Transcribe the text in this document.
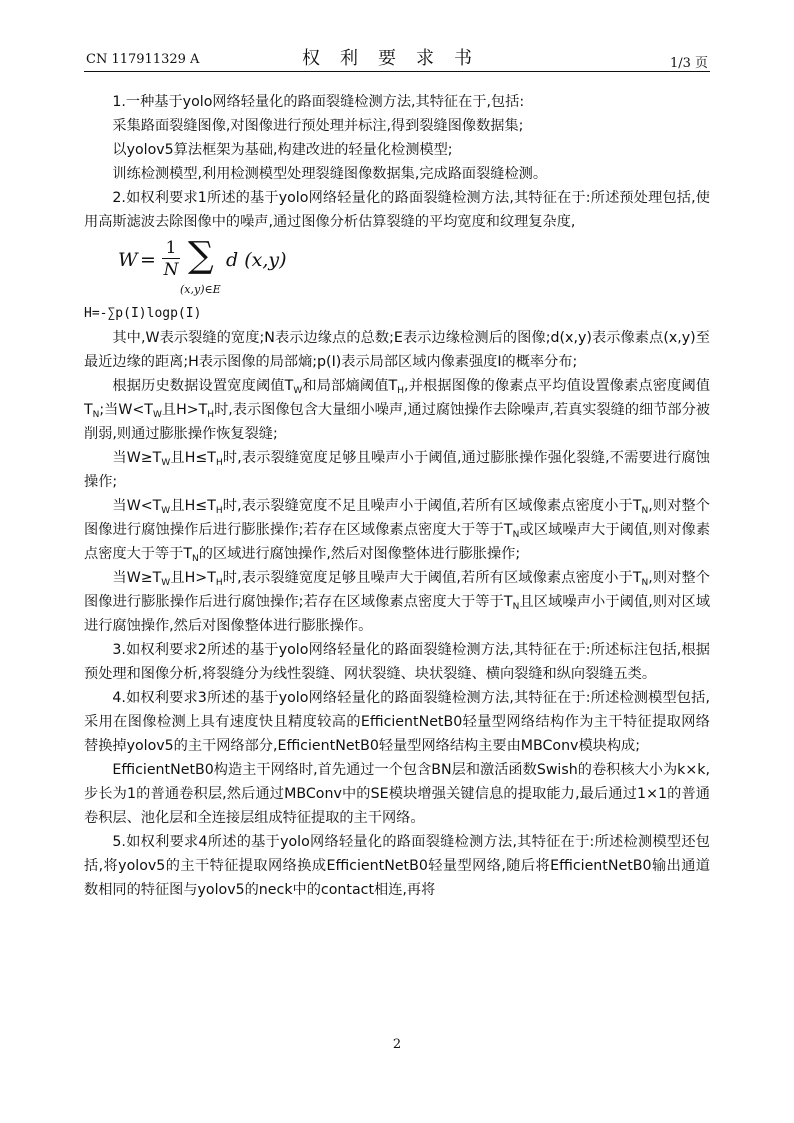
CN 117911329 A	权利要求书	1/3 页

1.一种基于yolo网络轻量化的路面裂缝检测方法,其特征在于,包括:

采集路面裂缝图像,对图像进行预处理并标注,得到裂缝图像数据集;

以yolov5算法框架为基础,构建改进的轻量化检测模型;

训练检测模型,利用检测模型处理裂缝图像数据集,完成路面裂缝检测。

2.如权利要求1所述的基于yolo网络轻量化的路面裂缝检测方法,其特征在于:所述预处理包括,使用高斯滤波去除图像中的噪声,通过图像分析估算裂缝的平均宽度和纹理复杂度,

W =
1
N ∑
(x,y)∈E
d (x,y)

H=-∑p(I)logp(I)

其中,W表示裂缝的宽度;N表示边缘点的总数;E表示边缘检测后的图像;d(x,y)表示像素点(x,y)至最近边缘的距离;H表示图像的局部熵;p(I)表示局部区域内像素强度I的概率分布;

根据历史数据设置宽度阈值$T_W$和局部熵阈值$T_H$,并根据图像的像素点平均值设置像素点密度阈值$T_N$;当$W<T_W$且$H>T_H$时,表示图像包含大量细小噪声,通过腐蚀操作去除噪声,若真实裂缝的细节部分被削弱,则通过膨胀操作恢复裂缝;

当$W\ge T_W$且$H\le T_H$时,表示裂缝宽度足够且噪声小于阈值,通过膨胀操作强化裂缝,不需要进行腐蚀操作;

当$W<T_W$且$H\le T_H$时,表示裂缝宽度不足且噪声小于阈值,若所有区域像素点密度小于$T_N$,则对整个图像进行腐蚀操作后进行膨胀操作;若存在区域像素点密度大于等于$T_N$或区域噪声大于阈值,则对像素点密度大于等于$T_N$的区域进行腐蚀操作,然后对图像整体进行膨胀操作;

当$W\ge T_W$且$H>T_H$时,表示裂缝宽度足够且噪声大于阈值,若所有区域像素点密度小于$T_N$,则对整个图像进行膨胀操作后进行腐蚀操作;若存在区域像素点密度大于等于$T_N$且区域噪声小于阈值,则对区域进行腐蚀操作,然后对图像整体进行膨胀操作。

3.如权利要求2所述的基于yolo网络轻量化的路面裂缝检测方法,其特征在于:所述标注包括,根据预处理和图像分析,将裂缝分为线性裂缝、网状裂缝、块状裂缝、横向裂缝和纵向裂缝五类。

4.如权利要求3所述的基于yolo网络轻量化的路面裂缝检测方法,其特征在于:所述检测模型包括,采用在图像检测上具有速度快且精度较高的EfficientNetB0轻量型网络结构作为主干特征提取网络替换掉yolov5的主干网络部分,EfficientNetB0轻量型网络结构主要由MBConv模块构成;

EfficientNetB0构造主干网络时,首先通过一个包含BN层和激活函数Swish的卷积核大小为k×k,步长为1的普通卷积层,然后通过MBConv中的SE模块增强关键信息的提取能力,最后通过1×1的普通卷积层、池化层和全连接层组成特征提取的主干网络。

5.如权利要求4所述的基于yolo网络轻量化的路面裂缝检测方法,其特征在于:所述检测模型还包括,将yolov5的主干特征提取网络换成EfficientNetB0轻量型网络,随后将EfficientNetB0输出通道数相同的特征图与yolov5的neck中的contact相连,再将

2
